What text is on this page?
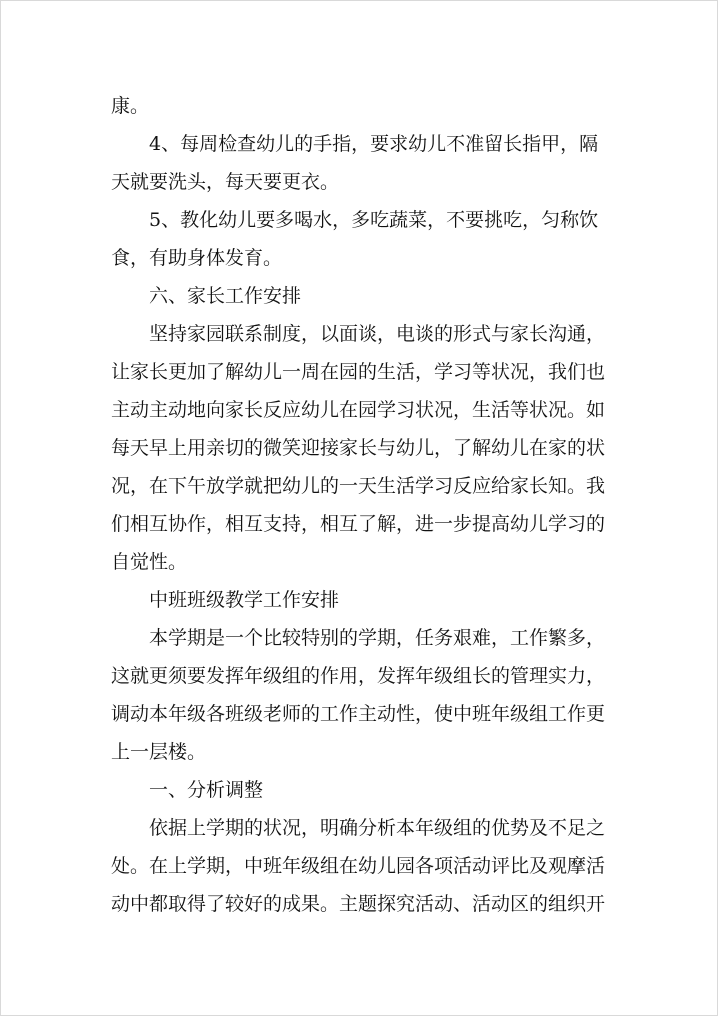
康。
4、每周检查幼儿的手指，要求幼儿不准留长指甲，隔
天就要洗头，每天要更衣。
5、教化幼儿要多喝水，多吃蔬菜，不要挑吃，匀称饮
食，有助身体发育。
六、家长工作安排
坚持家园联系制度，以面谈，电谈的形式与家长沟通，
让家长更加了解幼儿一周在园的生活，学习等状况，我们也
主动主动地向家长反应幼儿在园学习状况，生活等状况。如
每天早上用亲切的微笑迎接家长与幼儿，了解幼儿在家的状
况，在下午放学就把幼儿的一天生活学习反应给家长知。我
们相互协作，相互支持，相互了解，进一步提高幼儿学习的
自觉性。
中班班级教学工作安排
本学期是一个比较特别的学期，任务艰难，工作繁多，
这就更须要发挥年级组的作用，发挥年级组长的管理实力，
调动本年级各班级老师的工作主动性，使中班年级组工作更
上一层楼。
一、分析调整
依据上学期的状况，明确分析本年级组的优势及不足之
处。在上学期，中班年级组在幼儿园各项活动评比及观摩活
动中都取得了较好的成果。主题探究活动、活动区的组织开
